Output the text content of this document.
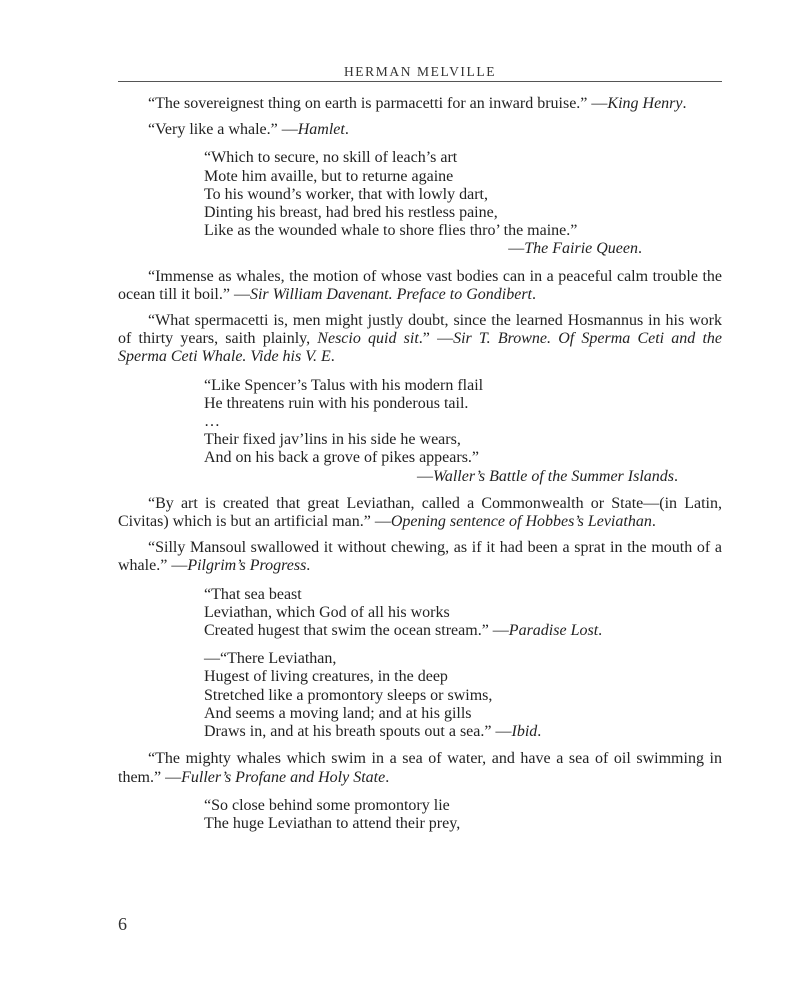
HERMAN MELVILLE

“The sovereignest thing on earth is parmacetti for an inward bruise.” —King Henry.

“Very like a whale.” —Hamlet.

“Which to secure, no skill of leach’s art
Mote him availle, but to returne againe
To his wound’s worker, that with lowly dart,
Dinting his breast, had bred his restless paine,
Like as the wounded whale to shore flies thro’ the maine.”
—The Fairie Queen.

“Immense as whales, the motion of whose vast bodies can in a peaceful calm trouble the ocean till it boil.” —Sir William Davenant. Preface to Gondibert.

“What spermacetti is, men might justly doubt, since the learned Hosmannus in his work of thirty years, saith plainly, Nescio quid sit.” —Sir T. Browne. Of Sperma Ceti and the Sperma Ceti Whale. Vide his V. E.

“Like Spencer’s Talus with his modern flail
He threatens ruin with his ponderous tail.
…
Their fixed jav’lins in his side he wears,
And on his back a grove of pikes appears.”
—Waller’s Battle of the Summer Islands.

“By art is created that great Leviathan, called a Commonwealth or State—(in Latin, Civitas) which is but an artificial man.” —Opening sentence of Hobbes’s Leviathan.

“Silly Mansoul swallowed it without chewing, as if it had been a sprat in the mouth of a whale.” —Pilgrim’s Progress.

“That sea beast
Leviathan, which God of all his works
Created hugest that swim the ocean stream.” —Paradise Lost.
—“There Leviathan,
Hugest of living creatures, in the deep
Stretched like a promontory sleeps or swims,
And seems a moving land; and at his gills
Draws in, and at his breath spouts out a sea.” —Ibid.

“The mighty whales which swim in a sea of water, and have a sea of oil swimming in them.” —Fuller’s Profane and Holy State.

“So close behind some promontory lie
The huge Leviathan to attend their prey,
6
